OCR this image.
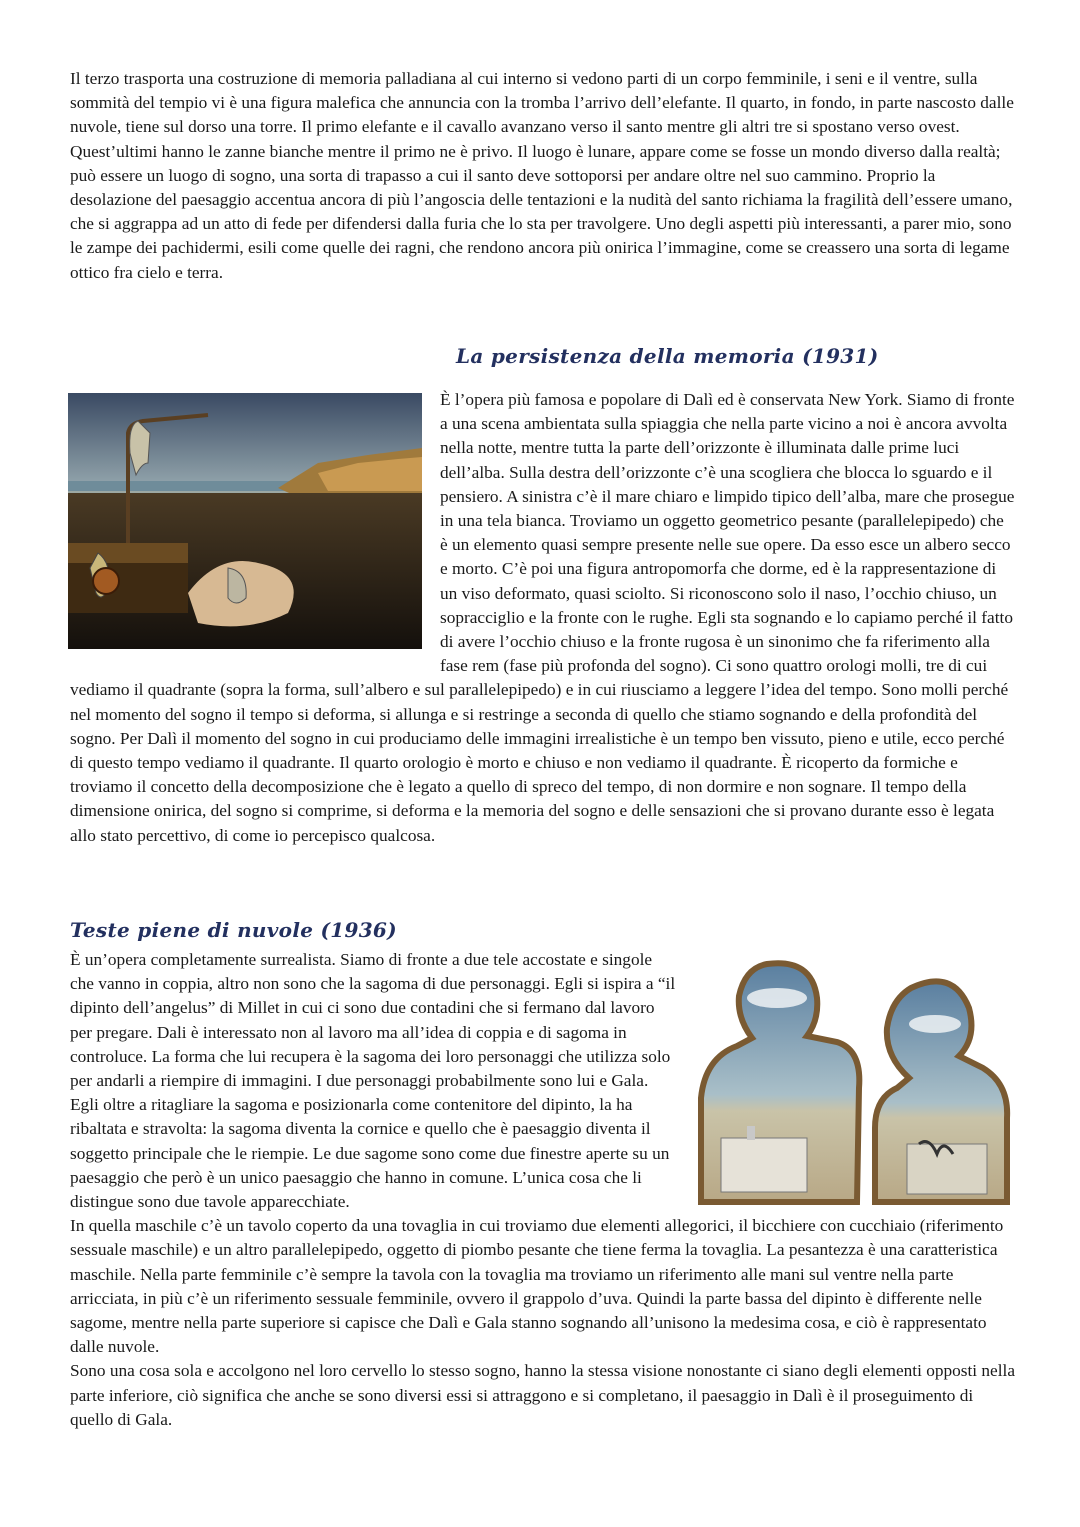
Il terzo trasporta una costruzione di memoria palladiana al cui interno si vedono parti di un corpo femminile, i seni e il ventre, sulla sommità del tempio vi è una figura malefica che annuncia con la tromba l’arrivo dell’elefante. Il quarto, in fondo, in parte nascosto dalle nuvole, tiene sul dorso una torre. Il primo elefante e il cavallo avanzano verso il santo mentre gli altri tre si spostano verso ovest. Quest’ultimi hanno le zanne bianche mentre il primo ne è privo. Il luogo è lunare, appare come se fosse un mondo diverso dalla realtà; può essere un luogo di sogno, una sorta di trapasso a cui il santo deve sottoporsi per andare oltre nel suo cammino. Proprio la desolazione del paesaggio accentua ancora di più l’angoscia delle tentazioni e la nudità del santo richiama la fragilità dell’essere umano, che si aggrappa ad un atto di fede per difendersi dalla furia che lo sta per travolgere. Uno degli aspetti più interessanti, a parer mio, sono le zampe dei pachidermi, esili come quelle dei ragni, che rendono ancora più onirica l’immagine, come se creassero una sorta di legame ottico fra cielo e terra.

La persistenza della memoria (1931)

È l’opera più famosa e popolare di Dalì ed è conservata New York. Siamo di fronte a una scena ambientata sulla spiaggia che nella parte vicino a noi è ancora avvolta nella notte, mentre tutta la parte dell’orizzonte è illuminata dalle prime luci dell’alba. Sulla destra dell’orizzonte c’è una scogliera che blocca lo sguardo e il pensiero. A sinistra c’è il mare chiaro e limpido tipico dell’alba, mare che prosegue in una tela bianca. Troviamo un oggetto geometrico pesante (parallelepipedo) che è un elemento quasi sempre presente nelle sue opere. Da esso esce un albero secco e morto. C’è poi una figura antropomorfa che dorme, ed è la rappresentazione di un viso deformato, quasi sciolto. Si riconoscono solo il naso, l’occhio chiuso, un sopracciglio e la fronte con le rughe. Egli sta sognando e lo capiamo perché il fatto di avere l’occhio chiuso e la fronte rugosa è un sinonimo che fa riferimento alla fase rem (fase più profonda del sogno). Ci sono quattro orologi molli, tre di cui vediamo il quadrante (sopra la forma, sull’albero e sul parallelepipedo) e in cui riusciamo a leggere l’idea del tempo. Sono molli perché nel momento del sogno il tempo si deforma, si allunga e si restringe a seconda di quello che stiamo sognando e della profondità del sogno. Per Dalì il momento del sogno in cui produciamo delle immagini irrealistiche è un tempo ben vissuto, pieno e utile, ecco perché di questo tempo vediamo il quadrante. Il quarto orologio è morto e chiuso e non vediamo il quadrante. È ricoperto da formiche e troviamo il concetto della decomposizione che è legato a quello di spreco del tempo, di non dormire e non sognare. Il tempo della dimensione onirica, del sogno si comprime, si deforma e la memoria del sogno e delle sensazioni che si provano durante esso è legata allo stato percettivo, di come io percepisco qualcosa.

Teste piene di nuvole (1936)

È un’opera completamente surrealista. Siamo di fronte a due tele accostate e singole che vanno in coppia, altro non sono che la sagoma di due personaggi. Egli si ispira a “il dipinto dell’angelus” di Millet in cui ci sono due contadini che si fermano dal lavoro per pregare. Dali è interessato non al lavoro ma all’idea di coppia e di sagoma in controluce. La forma che lui recupera è la sagoma dei loro personaggi che utilizza solo per andarli a riempire di immagini. I due personaggi probabilmente sono lui e Gala. Egli oltre a ritagliare la sagoma e posizionarla come contenitore del dipinto, la ha ribaltata e stravolta: la sagoma diventa la cornice e quello che è paesaggio diventa il soggetto principale che le riempie. Le due sagome sono come due finestre aperte su un paesaggio che però è un unico paesaggio che hanno in comune. L’unica cosa che li distingue sono due tavole apparecchiate.

In quella maschile c’è un tavolo coperto da una tovaglia in cui troviamo due elementi allegorici, il bicchiere con cucchiaio (riferimento sessuale maschile) e un altro parallelepipedo, oggetto di piombo pesante che tiene ferma la tovaglia. La pesantezza è una caratteristica maschile. Nella parte femminile c’è sempre la tavola con la tovaglia ma troviamo un riferimento alle mani sul ventre nella parte arricciata, in più c’è un riferimento sessuale femminile, ovvero il grappolo d’uva. Quindi la parte bassa del dipinto è differente nelle sagome, mentre nella parte superiore si capisce che Dalì e Gala stanno sognando all’unisono la medesima cosa, e ciò è rappresentato dalle nuvole.

Sono una cosa sola e accolgono nel loro cervello lo stesso sogno, hanno la stessa visione nonostante ci siano degli elementi opposti nella parte inferiore, ciò significa che anche se sono diversi essi si attraggono e si completano, il paesaggio in Dalì è il proseguimento di quello di Gala.
